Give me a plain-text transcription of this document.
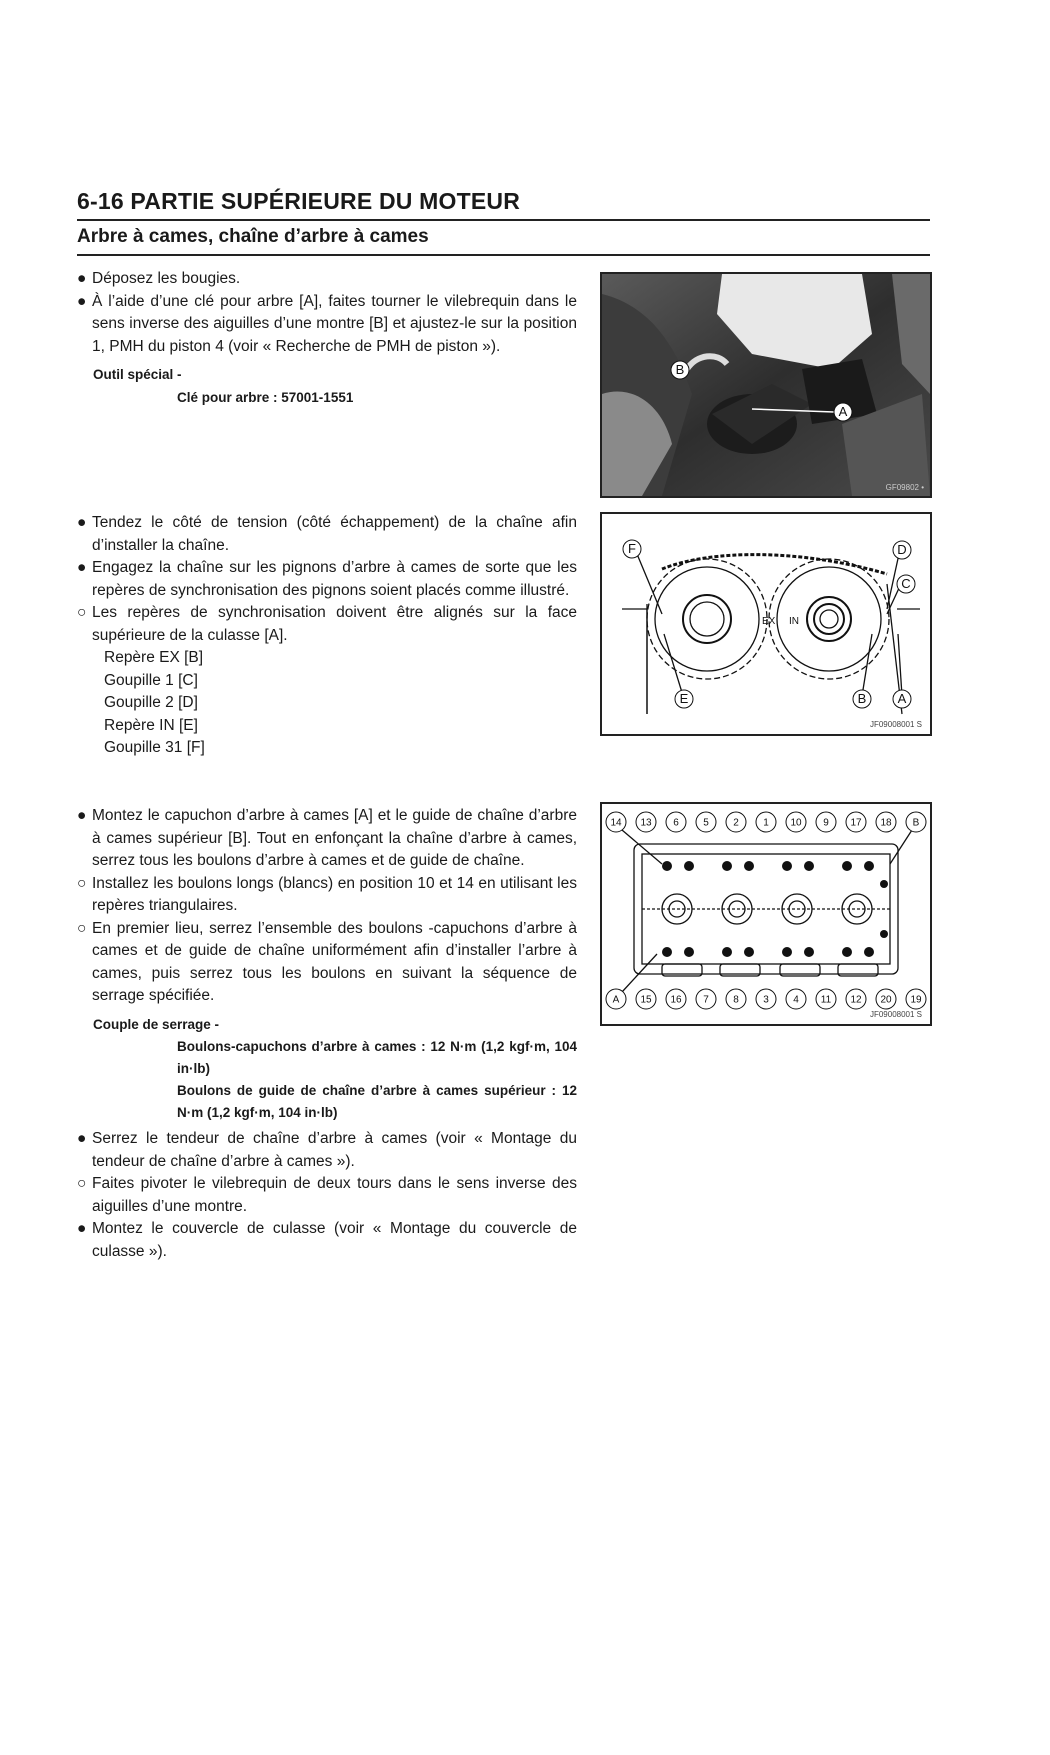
6-16 PARTIE SUPÉRIEURE DU MOTEUR
Arbre à cames, chaîne d’arbre à cames
● Déposez les bougies.
● À l’aide d’une clé pour arbre [A], faites tourner le vilebrequin dans le sens inverse des aiguilles d’une montre [B] et ajustez-le sur la position 1, PMH du piston 4 (voir « Recherche de PMH de piston »).
Outil spécial -
Clé pour arbre : 57001-1551
● Tendez le côté de tension (côté échappement) de la chaîne afin d’installer la chaîne.
● Engagez la chaîne sur les pignons d’arbre à cames de sorte que les repères de synchronisation des pignons soient placés comme illustré.
○ Les repères de synchronisation doivent être alignés sur la face supérieure de la culasse [A].
Repère EX [B]
Goupille 1 [C]
Goupille 2 [D]
Repère IN [E]
Goupille 31 [F]
● Montez le capuchon d’arbre à cames [A] et le guide de chaîne d’arbre à cames supérieur [B]. Tout en enfonçant la chaîne d’arbre à cames, serrez tous les boulons d’arbre à cames et de guide de chaîne.
○ Installez les boulons longs (blancs) en position 10 et 14 en utilisant les repères triangulaires.
○ En premier lieu, serrez l’ensemble des boulons -capuchons d’arbre à cames et de guide de chaîne uniformément afin d’installer l’arbre à cames, puis serrez tous les boulons en suivant la séquence de serrage spécifiée.
Couple de serrage -
Boulons-capuchons d’arbre à cames : 12 N·m (1,2 kgf·m, 104 in·lb)
Boulons de guide de chaîne d’arbre à cames supérieur : 12 N·m (1,2 kgf·m, 104 in·lb)
● Serrez le tendeur de chaîne d’arbre à cames (voir « Montage du tendeur de chaîne d’arbre à cames »).
○ Faites pivoter le vilebrequin de deux tours dans le sens inverse des aiguilles d’une montre.
● Montez le couvercle de culasse (voir « Montage du couvercle de culasse »).
B
A
GF09802 •
EX IN
F	D
C
E	B A
JF09008001 S
14 13 6 5 2 1 10 9 17 18 B
A 15 16 7 8 3 4 11 12 20 19
JF09008001 S
